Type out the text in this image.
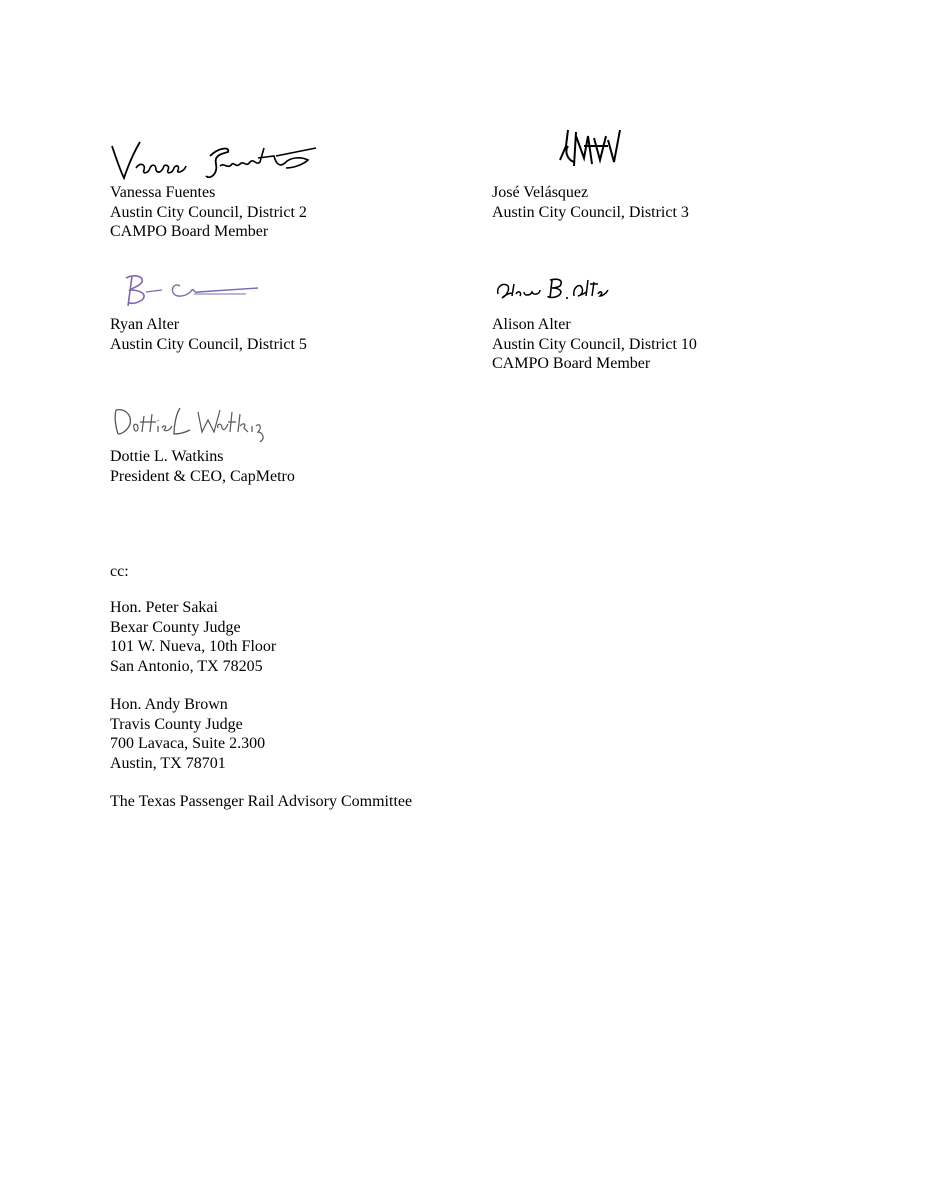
Vanessa Fuentes
Austin City Council, District 2
CAMPO Board Member
José Velásquez
Austin City Council, District 3
Ryan Alter
Austin City Council, District 5
Alison Alter
Austin City Council, District 10
CAMPO Board Member
Dottie L. Watkins
President & CEO, CapMetro
cc:
Hon. Peter Sakai
Bexar County Judge
101 W. Nueva, 10th Floor
San Antonio, TX 78205
Hon. Andy Brown
Travis County Judge
700 Lavaca, Suite 2.300
Austin, TX 78701
The Texas Passenger Rail Advisory Committee
